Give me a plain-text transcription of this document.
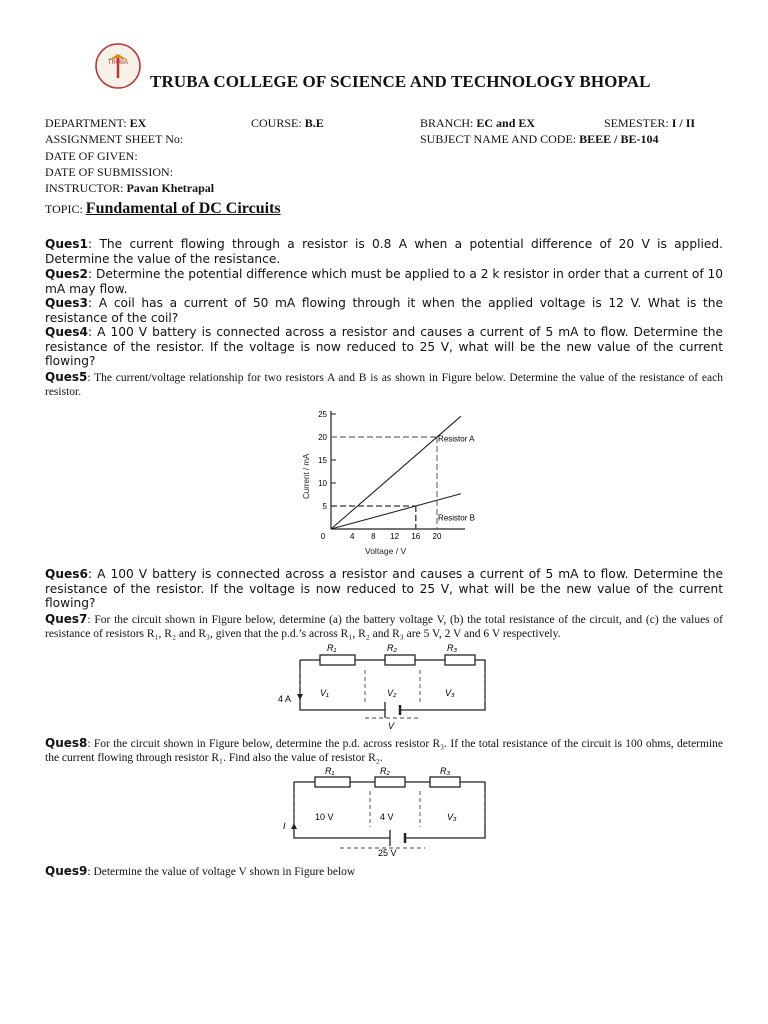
TRUBA
TRUBA COLLEGE OF SCIENCE AND TECHNOLOGY BHOPAL
DEPARTMENT: EX	COURSE: B.E	BRANCH: EC and EX	SEMESTER: I / II
ASSIGNMENT SHEET No:	SUBJECT NAME AND CODE: BEEE / BE-104
DATE OF GIVEN:
DATE OF SUBMISSION:
INSTRUCTOR: Pavan Khetrapal
TOPIC: Fundamental of DC Circuits
Ques1: The current flowing through a resistor is 0.8 A when a potential difference of 20 V is applied. Determine the value of the resistance.
Ques2: Determine the potential difference which must be applied to a 2 k resistor in order that a current of 10 mA may flow.
Ques3: A coil has a current of 50 mA flowing through it when the applied voltage is 12 V. What is the resistance of the coil?
Ques4: A 100 V battery is connected across a resistor and causes a current of 5 mA to flow. Determine the resistance of the resistor. If the voltage is now reduced to 25 V, what will be the new value of the current flowing?
Ques5: The current/voltage relationship for two resistors A and B is as shown in Figure below. Determine the value of the resistance of each resistor.
Current / mA
25
20
15
10
5
0	4 8 12 16 20
Resistor A
Resistor B
Voltage / V
Ques6: A 100 V battery is connected across a resistor and causes a current of 5 mA to flow. Determine the resistance of the resistor. If the voltage is now reduced to 25 V, what will be the new value of the current flowing?
Ques7: For the circuit shown in Figure below, determine (a) the battery voltage V, (b) the total resistance of the circuit, and (c) the values of resistance of resistors R₁, R₂ and R₃, given that the p.d.’s across R₁, R₂ and R₃ are 5 V, 2 V and 6 V respectively.
R₁	R₂	R₃
V₁	V₂	V₃
4 A
V
Ques8: For the circuit shown in Figure below, determine the p.d. across resistor R₃. If the total resistance of the circuit is 100 ohms, determine the current flowing through resistor R₁. Find also the value of resistor R₂.
R₁	R₂	R₃
10 V	4 V	V₃
I
25 V
Ques9: Determine the value of voltage V shown in Figure below
